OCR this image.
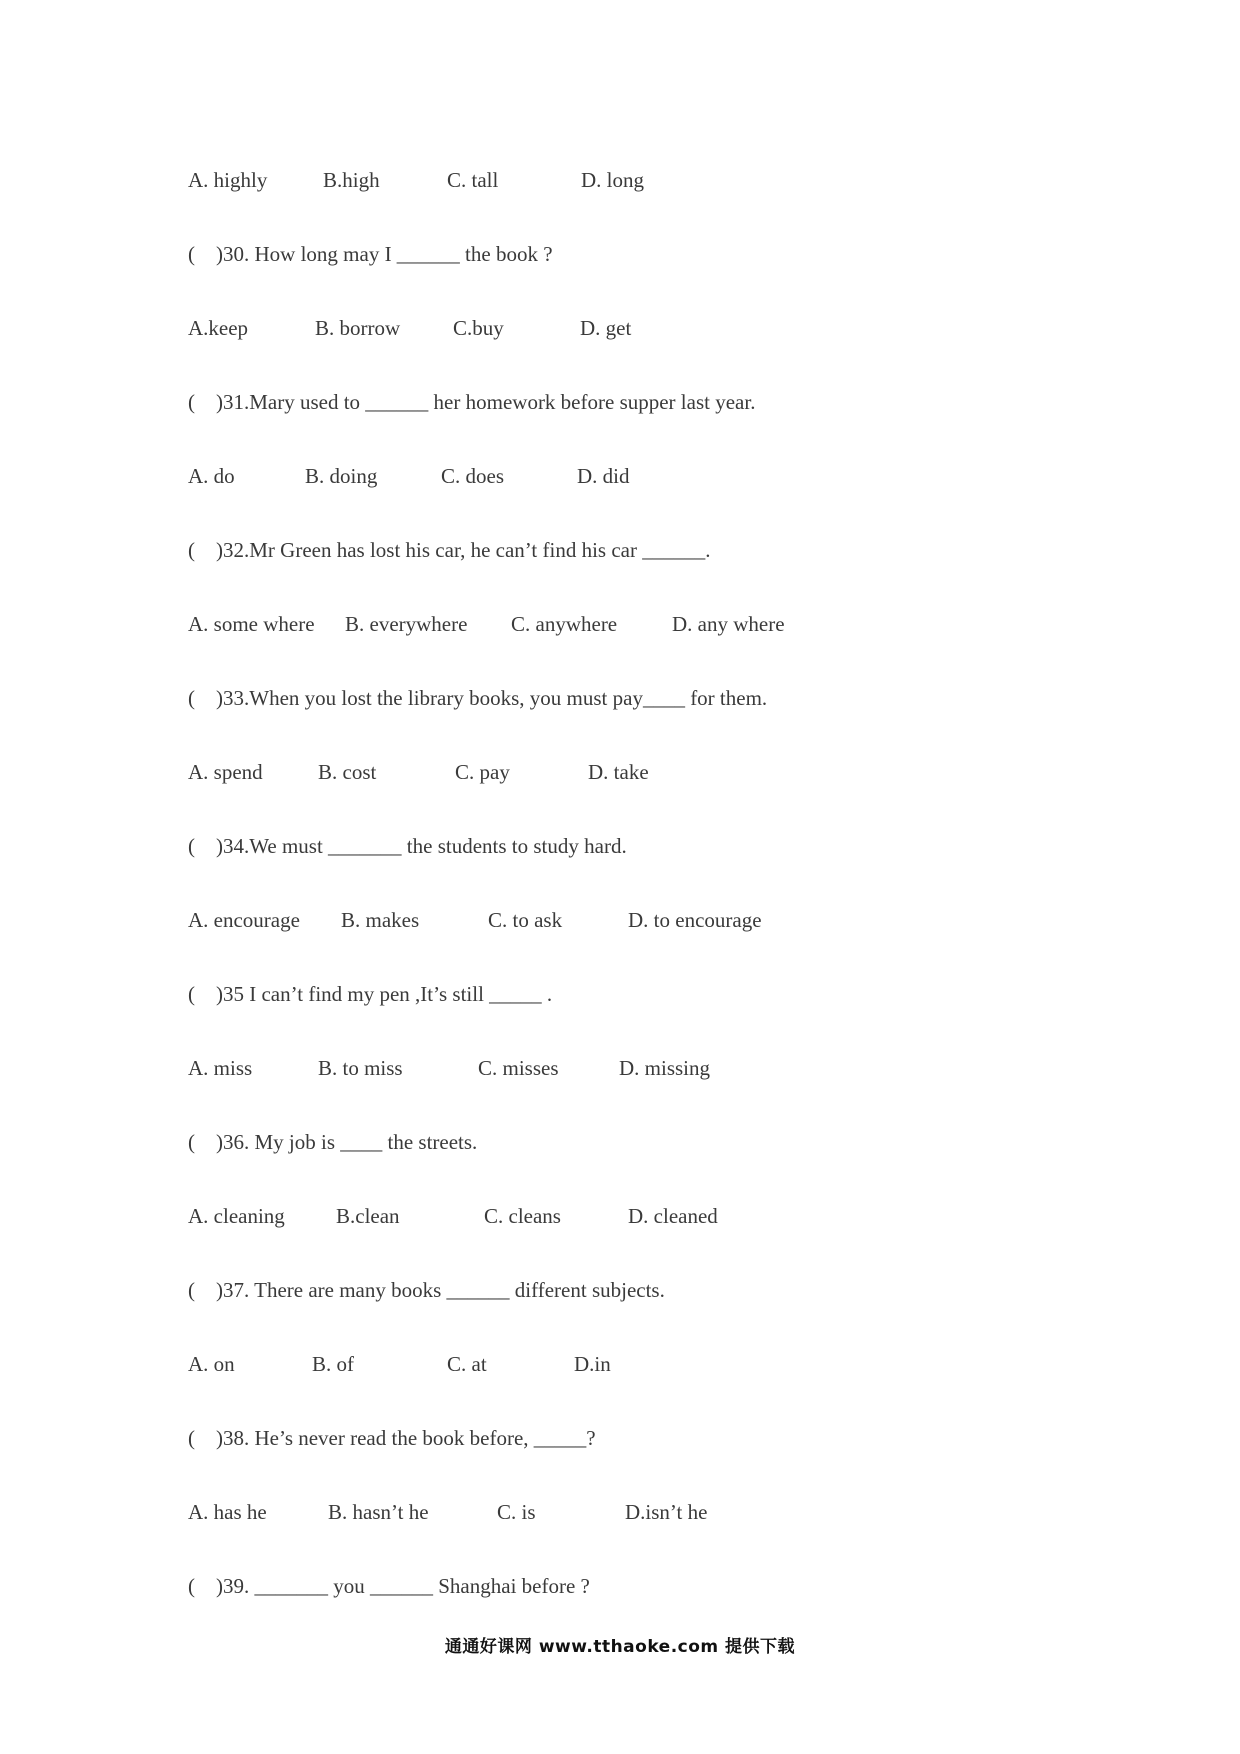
A. highly	B.high	C. tall	D. long
( )30. How long may I ______ the book ?
A.keep	B. borrow	C.buy	D. get
( )31.Mary used to ______ her homework before supper last year.
A. do	B. doing	C. does	D. did
( )32.Mr Green has lost his car, he can’t find his car ______.
A. some where B. everywhere C. anywhere	D. any where
( )33.When you lost the library books, you must pay____ for them.
A. spend	B. cost	C. pay	D. take
( )34.We must _______ the students to study hard.
A. encourage B. makes	C. to ask	D. to encourage
( )35 I can’t find my pen ,It’s still _____ .
A. miss	B. to miss	C. misses	D. missing
( )36. My job is ____ the streets.
A. cleaning B.clean	C. cleans	D. cleaned
( )37. There are many books ______ different subjects.
A. on	B. of	C. at	D.in
( )38. He’s never read the book before, _____?
A. has he	B. hasn’t he	C. is	D.isn’t he
( )39. _______ you ______ Shanghai before ?
通通好课网 www.tthaoke.com 提供下载
